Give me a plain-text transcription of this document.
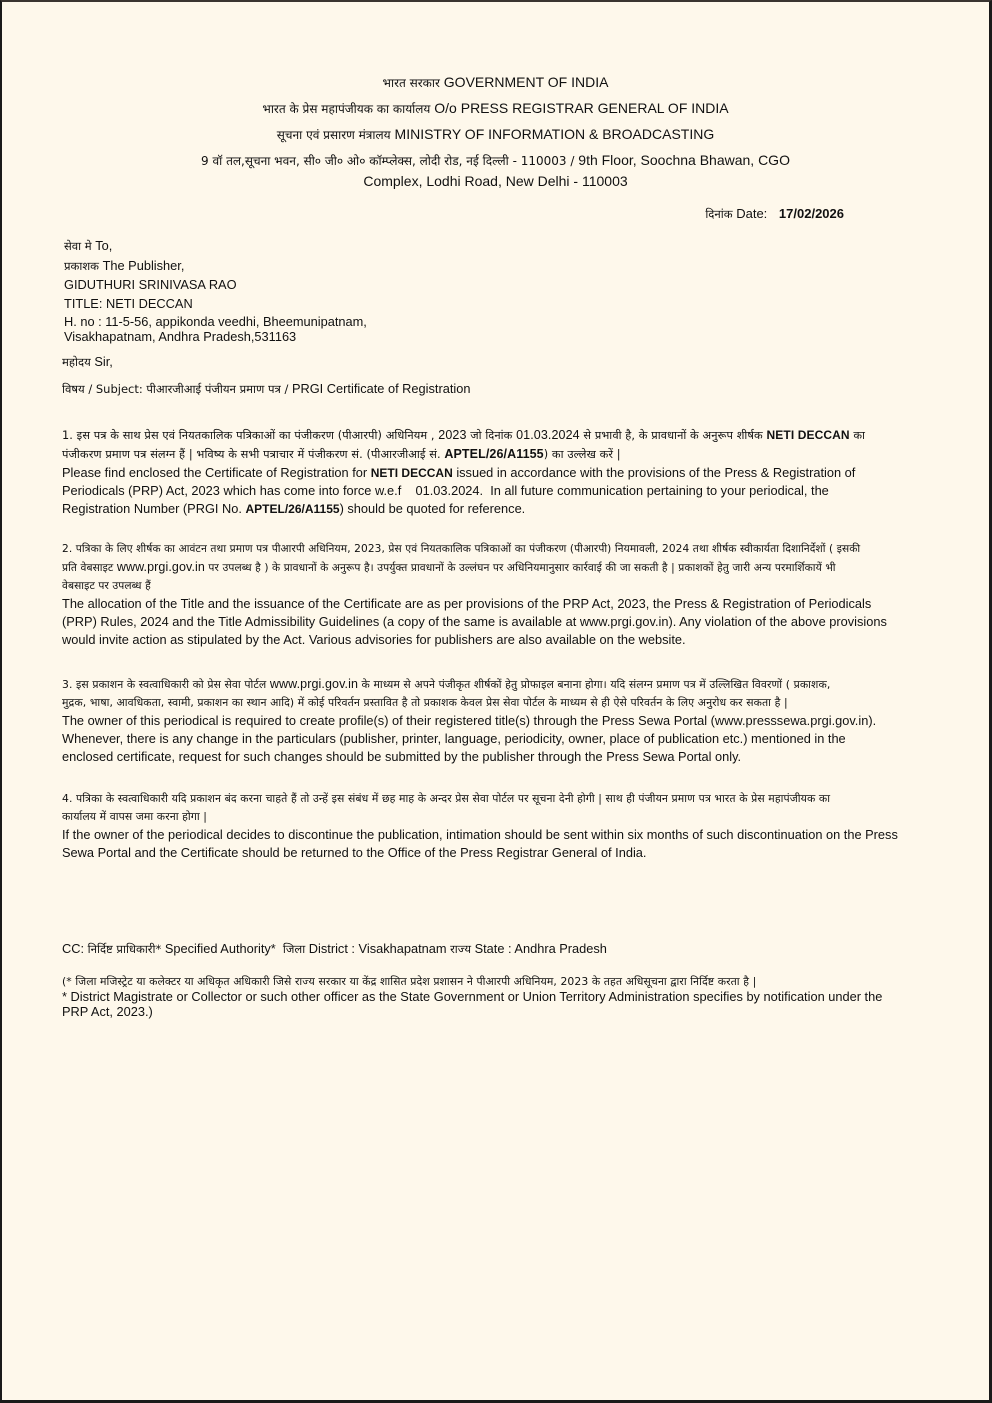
भारत सरकार GOVERNMENT OF INDIA
भारत के प्रेस महापंजीयक का कार्यालय O/o PRESS REGISTRAR GENERAL OF INDIA
सूचना एवं प्रसारण मंत्रालय MINISTRY OF INFORMATION & BROADCASTING
9 वॉ तल,सूचना भवन, सी० जी० ओ० कॉम्प्लेक्स, लोदी रोड, नई दिल्ली - 110003 / 9th Floor, Soochna Bhawan, CGO
Complex, Lodhi Road, New Delhi - 110003
दिनांक Date: 17/02/2026
सेवा मे To,
प्रकाशक The Publisher,
GIDUTHURI SRINIVASA RAO
TITLE: NETI DECCAN
H. no : 11-5-56, appikonda veedhi, Bheemunipatnam,
Visakhapatnam, Andhra Pradesh,531163
महोदय Sir,
विषय / Subject: पीआरजीआई पंजीयन प्रमाण पत्र / PRGI Certificate of Registration
1. इस पत्र के साथ प्रेस एवं नियतकालिक पत्रिकाओं का पंजीकरण (पीआरपी) अधिनियम , 2023 जो दिनांक 01.03.2024 से प्रभावी है, के प्रावधानों के अनुरूप शीर्षक NETI DECCAN का
पंजीकरण प्रमाण पत्र संलग्न हैं | भविष्य के सभी पत्राचार में पंजीकरण सं. (पीआरजीआई सं. APTEL/26/A1155) का उल्लेख करें |
Please find enclosed the Certificate of Registration for NETI DECCAN issued in accordance with the provisions of the Press & Registration of
Periodicals (PRP) Act, 2023 which has come into force w.e.f    01.03.2024.  In all future communication pertaining to your periodical, the
Registration Number (PRGI No. APTEL/26/A1155) should be quoted for reference.
2. पत्रिका के लिए शीर्षक का आवंटन तथा प्रमाण पत्र पीआरपी अधिनियम, 2023, प्रेस एवं नियतकालिक पत्रिकाओं का पंजीकरण (पीआरपी) नियमावली, 2024 तथा शीर्षक स्वीकार्यता दिशानिर्देशों ( इसकी
प्रति वेबसाइट www.prgi.gov.in पर उपलब्ध है ) के प्रावधानों के अनुरूप है। उपर्युक्त प्रावधानों के उल्लंघन पर अधिनियमानुसार कार्रवाई की जा सकती है | प्रकाशकों हेतु जारी अन्य परमार्शिकायें भी
वेबसाइट पर उपलब्ध हैं
The allocation of the Title and the issuance of the Certificate are as per provisions of the PRP Act, 2023, the Press & Registration of Periodicals
(PRP) Rules, 2024 and the Title Admissibility Guidelines (a copy of the same is available at www.prgi.gov.in). Any violation of the above provisions
would invite action as stipulated by the Act. Various advisories for publishers are also available on the website.
3. इस प्रकाशन के स्वत्वाधिकारी को प्रेस सेवा पोर्टल www.prgi.gov.in के माध्यम से अपने पंजीकृत शीर्षकों हेतु प्रोफाइल बनाना होगा। यदि संलग्न प्रमाण पत्र में उल्लिखित विवरणों ( प्रकाशक,
मुद्रक, भाषा, आवधिकता, स्वामी, प्रकाशन का स्थान आदि) में कोई परिवर्तन प्रस्तावित है तो प्रकाशक केवल प्रेस सेवा पोर्टल के माध्यम से ही ऐसे परिवर्तन के लिए अनुरोध कर सकता है |
The owner of this periodical is required to create profile(s) of their registered title(s) through the Press Sewa Portal (www.presssewa.prgi.gov.in).
Whenever, there is any change in the particulars (publisher, printer, language, periodicity, owner, place of publication etc.) mentioned in the
enclosed certificate, request for such changes should be submitted by the publisher through the Press Sewa Portal only.
4. पत्रिका के स्वत्वाधिकारी यदि प्रकाशन बंद करना चाहते हैं तो उन्हें इस संबंध में छह माह के अन्दर प्रेस सेवा पोर्टल पर सूचना देनी होगी | साथ ही पंजीयन प्रमाण पत्र भारत के प्रेस महापंजीयक का
कार्यालय में वापस जमा करना होगा |
If the owner of the periodical decides to discontinue the publication, intimation should be sent within six months of such discontinuation on the Press
Sewa Portal and the Certificate should be returned to the Office of the Press Registrar General of India.
CC: निर्दिष्ट प्राधिकारी* Specified Authority* जिला District : Visakhapatnam राज्य State : Andhra Pradesh
(* जिला मजिस्ट्रेट या कलेक्टर या अधिकृत अधिकारी जिसे राज्य सरकार या केंद्र शासित प्रदेश प्रशासन ने पीआरपी अधिनियम, 2023 के तहत अधिसूचना द्वारा निर्दिष्ट करता है |
* District Magistrate or Collector or such other officer as the State Government or Union Territory Administration specifies by notification under the
PRP Act, 2023.)
